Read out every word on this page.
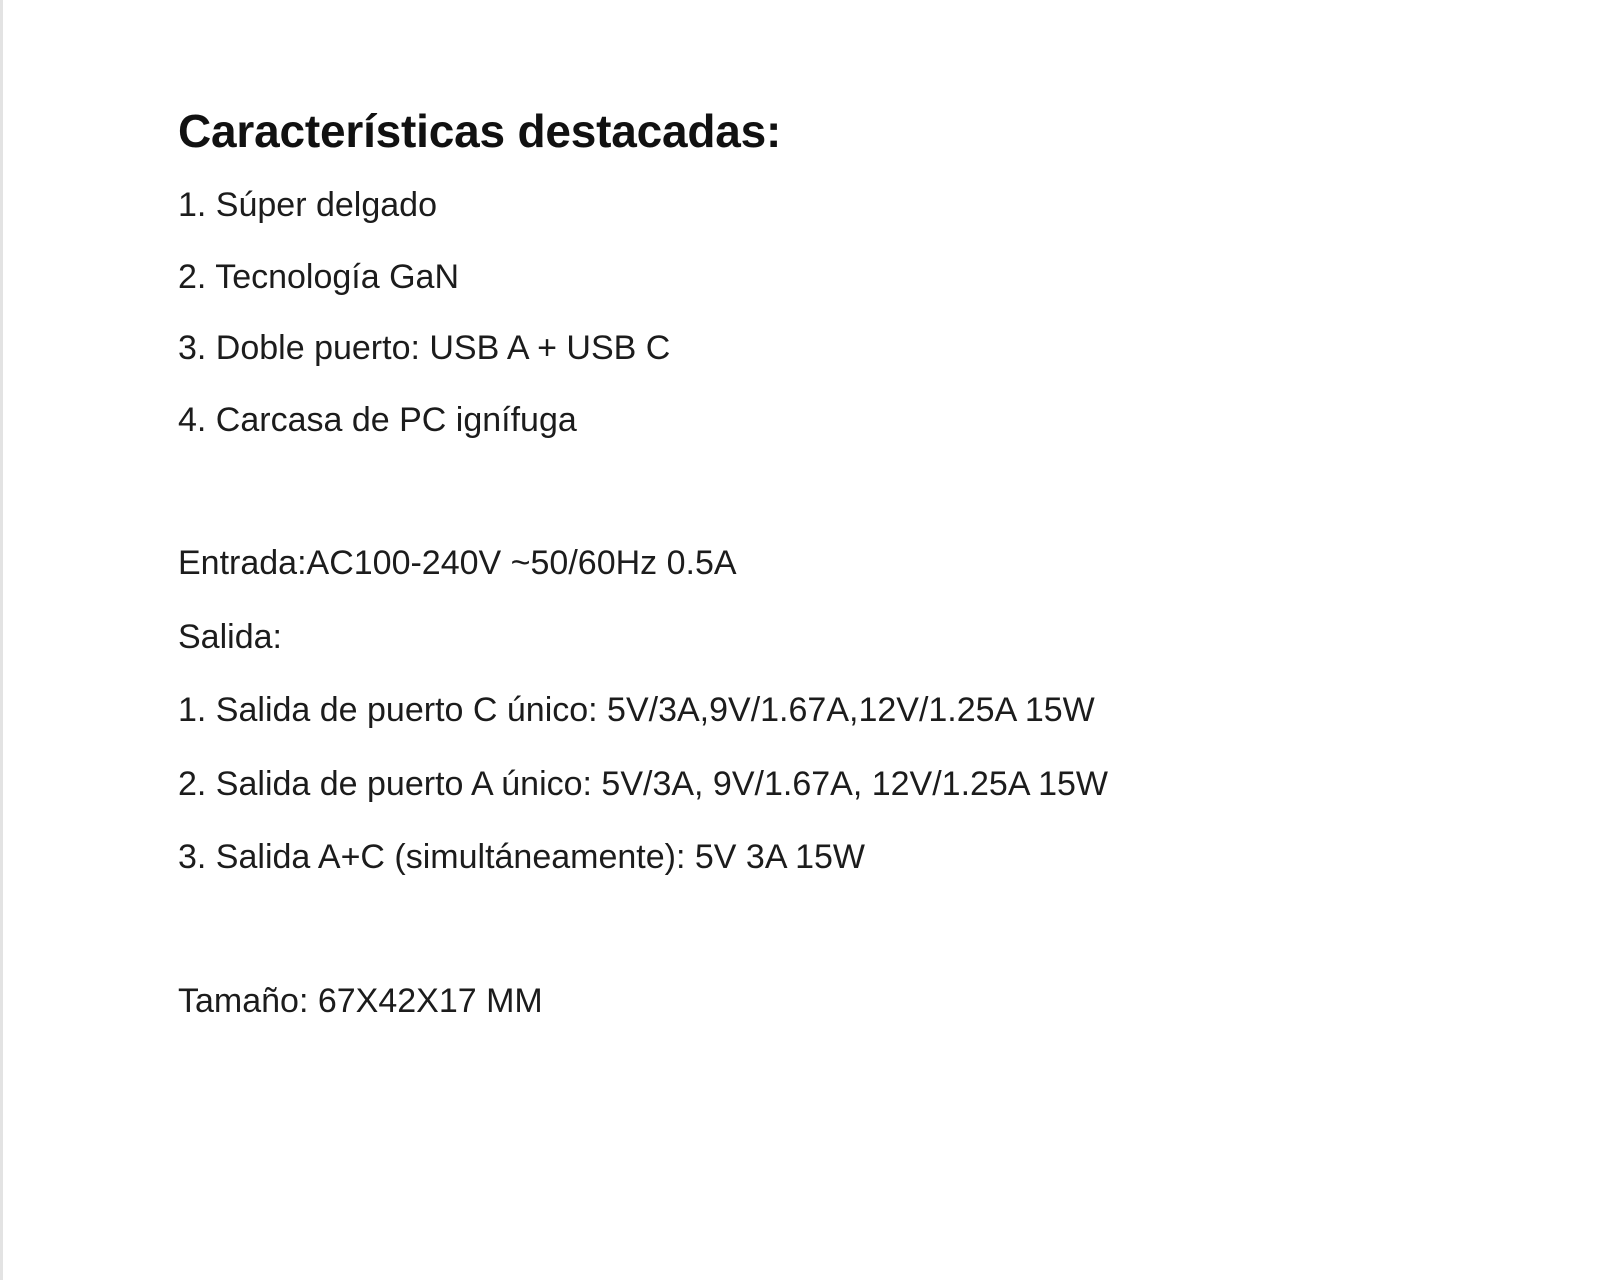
Características destacadas:

1. Súper delgado

2. Tecnología GaN

3. Doble puerto: USB A + USB C

4. Carcasa de PC ignífuga

Entrada:AC100-240V ~50/60Hz 0.5A

Salida:

1. Salida de puerto C único: 5V/3A,9V/1.67A,12V/1.25A 15W

2. Salida de puerto A único: 5V/3A, 9V/1.67A, 12V/1.25A 15W

3. Salida A+C (simultáneamente): 5V 3A 15W

Tamaño: 67X42X17 MM
